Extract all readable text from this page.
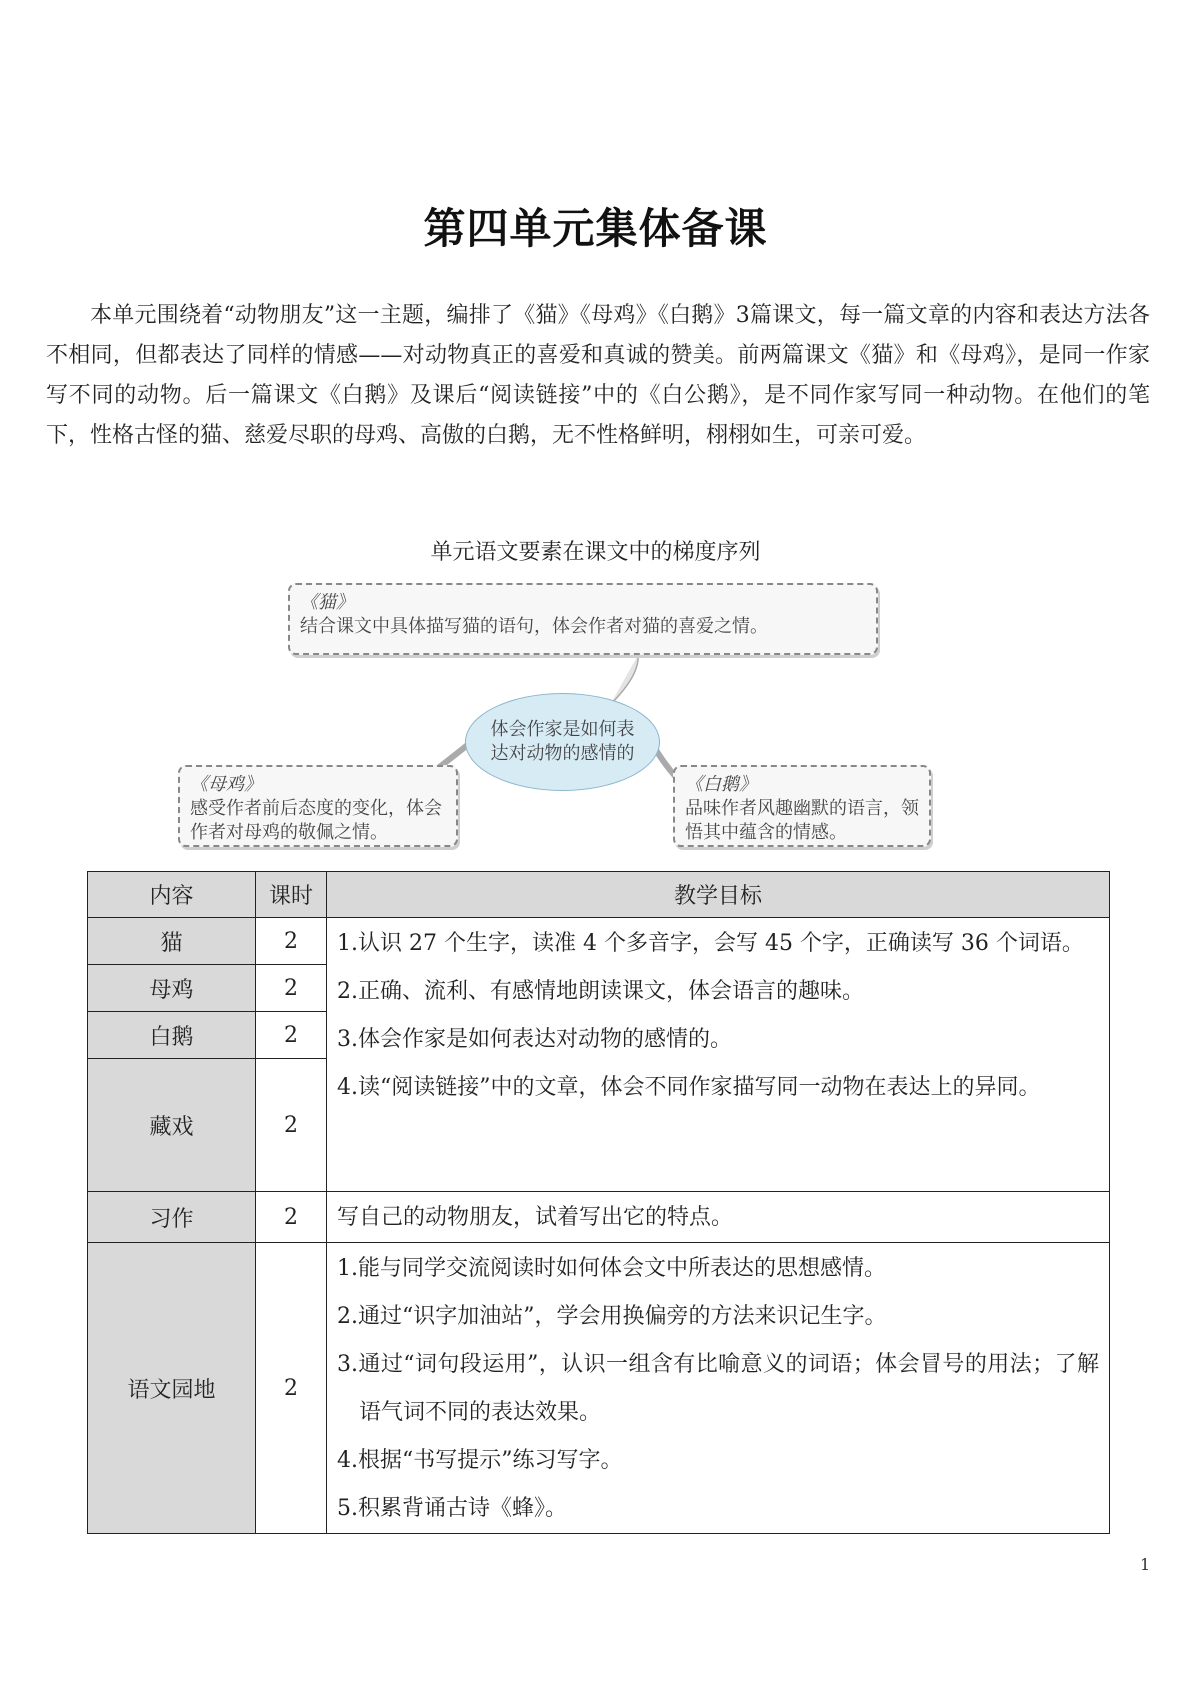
第四单元集体备课

本单元围绕着“动物朋友”这一主题，编排了《猫》《母鸡》《白鹅》3篇课文，每一篇文章的内容和表达方法各不相同，但都表达了同样的情感——对动物真正的喜爱和真诚的赞美。前两篇课文《猫》和《母鸡》，是同一作家写不同的动物。后一篇课文《白鹅》及课后“阅读链接”中的《白公鹅》，是不同作家写同一种动物。在他们的笔下，性格古怪的猫、慈爱尽职的母鸡、高傲的白鹅，无不性格鲜明，栩栩如生，可亲可爱。

单元语文要素在课文中的梯度序列
《猫》
结合课文中具体描写猫的语句，体会作者对猫的喜爱之情。
体会作家是如何表达对动物的感情的
《母鸡》
感受作者前后态度的变化，体会作者对母鸡的敬佩之情。
《白鹅》
品味作者风趣幽默的语言，领悟其中蕴含的情感。
内容	课时	教学目标
猫	2	1.认识 27 个生字，读准 4 个多音字，会写 45 个字，正确读写 36 个词语。
2.正确、流利、有感情地朗读课文，体会语言的趣味。
3.体会作家是如何表达对动物的感情的。
4.读“阅读链接”中的文章，体会不同作家描写同一动物在表达上的异同。

母鸡	2	
白鹅	2	
藏戏	2	
习作	2	写自己的动物朋友，试着写出它的特点。

语文园地	2	1.能与同学交流阅读时如何体会文中所表达的思想感情。
2.通过“识字加油站”，学会用换偏旁的方法来识记生字。
3.通过“词句段运用”，认识一组含有比喻意义的词语；体会冒号的用法；了解语气词不同的表达效果。
4.根据“书写提示”练习写字。
5.积累背诵古诗《蜂》。
1
